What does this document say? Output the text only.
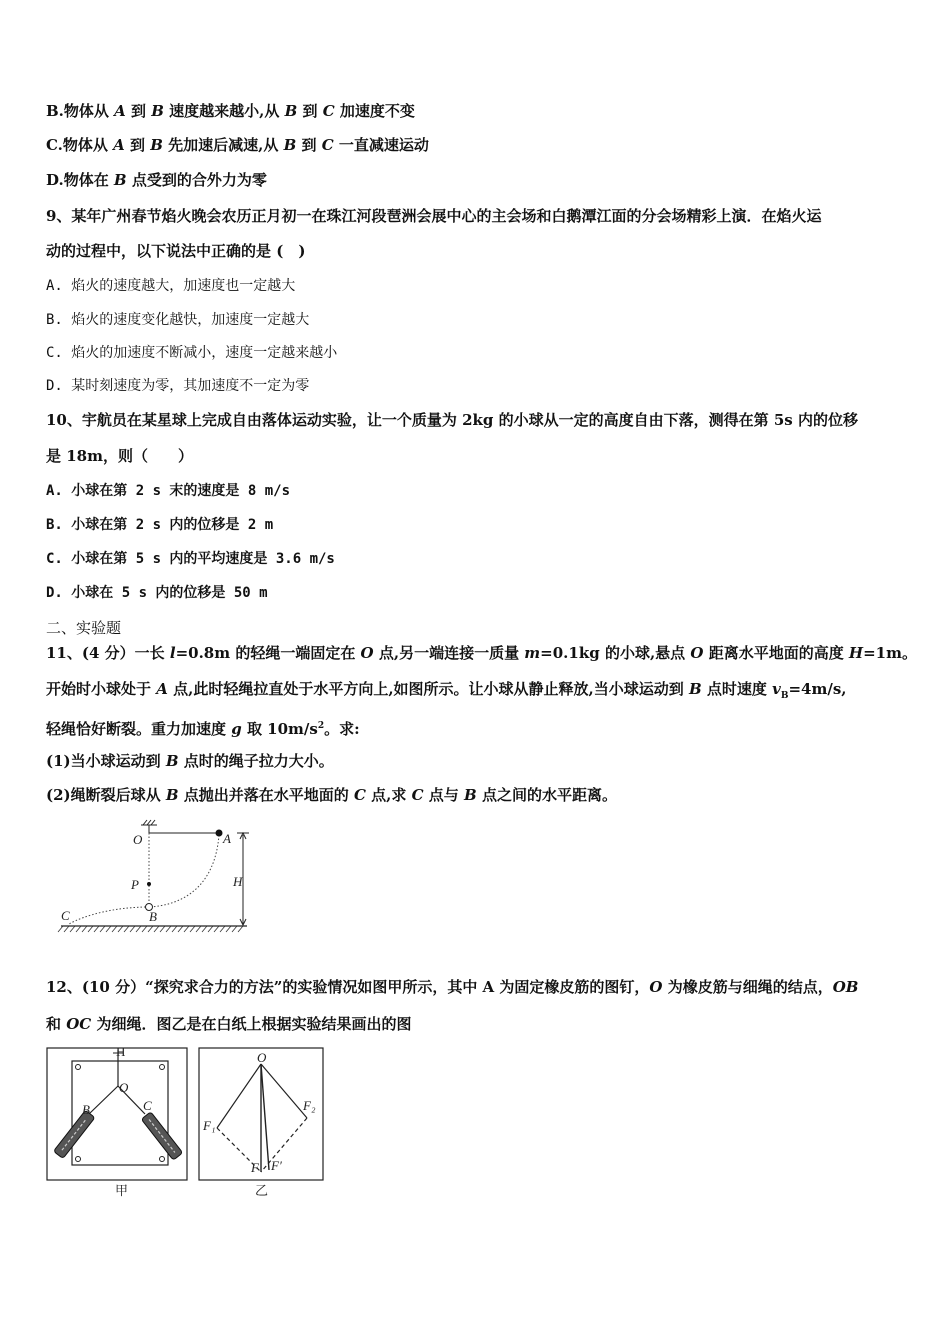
B.物体从 A 到 B 速度越来越小,从 B 到 C 加速度不变
C.物体从 A 到 B 先加速后减速,从 B 到 C 一直减速运动
D.物体在 B 点受到的合外力为零
9、某年广州春节焰火晚会农历正月初一在珠江河段琶洲会展中心的主会场和白鹅潭江面的分会场精彩上演．在焰火运
动的过程中，以下说法中正确的是 (　)
A. 焰火的速度越大，加速度也一定越大
B. 焰火的速度变化越快，加速度一定越大
C. 焰火的加速度不断减小，速度一定越来越小
D. 某时刻速度为零，其加速度不一定为零
10、宇航员在某星球上完成自由落体运动实验，让一个质量为 2kg 的小球从一定的高度自由下落，测得在第 5s 内的位移
是 18m，则（　　）
A. 小球在第 2 s 末的速度是 8 m/s
B. 小球在第 2 s 内的位移是 2 m
C. 小球在第 5 s 内的平均速度是 3.6 m/s
D. 小球在 5 s 内的位移是 50 m
二、实验题
11、(4 分）一长 l=0.8m 的轻绳一端固定在 O 点,另一端连接一质量 m=0.1kg 的小球,悬点 O 距离水平地面的高度 H=1m。
开始时小球处于 A 点,此时轻绳拉直处于水平方向上,如图所示。让小球从静止释放,当小球运动到 B 点时速度 $v_B=4m/s$,
轻绳恰好断裂。重力加速度 g 取 $10m/s^2$。求:
(1)当小球运动到 B 点时的绳子拉力大小。
(2)绳断裂后球从 B 点抛出并落在水平地面的 C 点,求 C 点与 B 点之间的水平距离。
O	A
P
B
C
H
12、(10 分）“探究求合力的方法”的实验情况如图甲所示，其中 A 为固定橡皮筋的图钉，O 为橡皮筋与细绳的结点，OB
和 OC 为细绳．图乙是在白纸上根据实验结果画出的图
H
O
B	C
甲
O
F₁
F₂
F F′
乙
